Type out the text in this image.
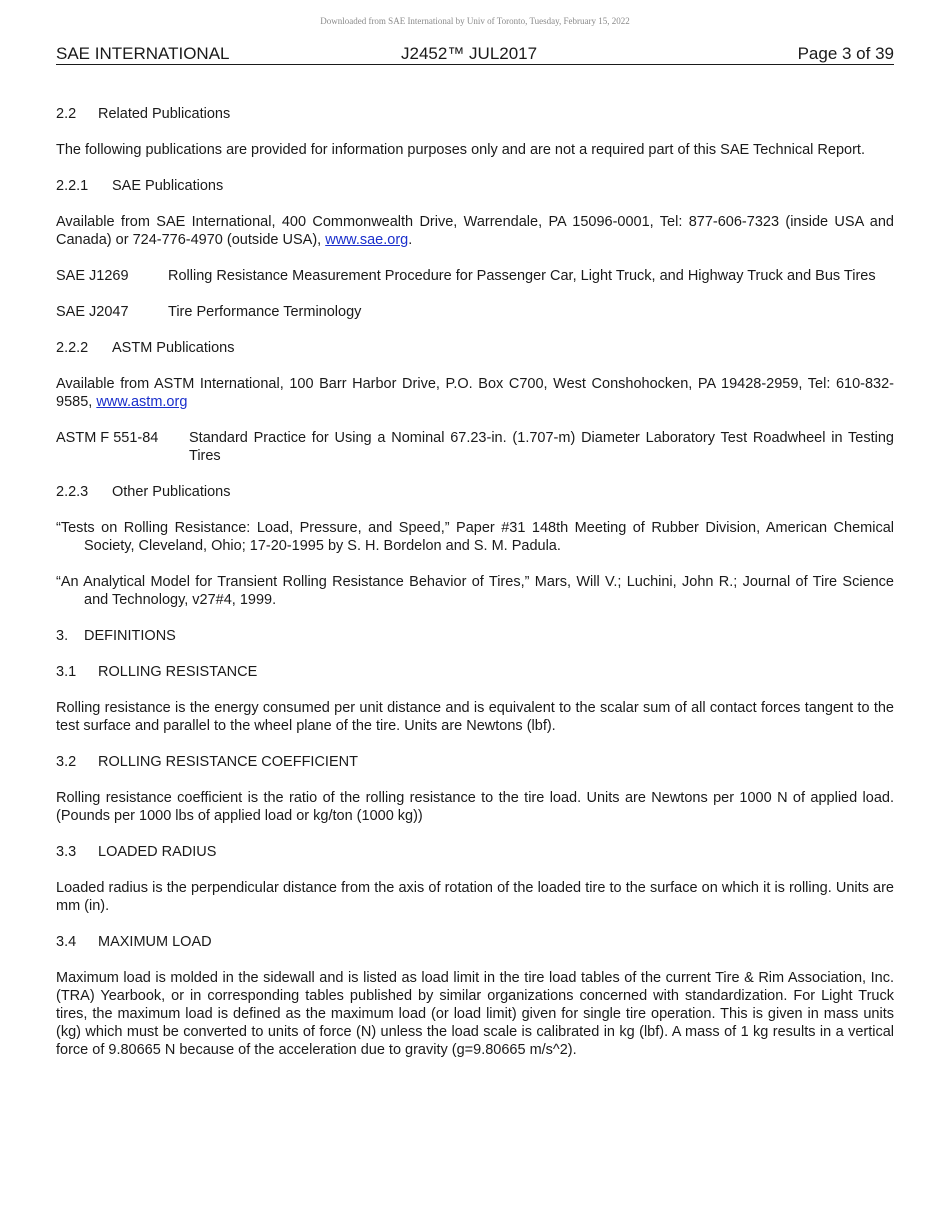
Downloaded from SAE International by Univ of Toronto, Tuesday, February 15, 2022
SAE INTERNATIONAL	J2452™ JUL2017	Page 3 of 39
2.2 Related Publications

The following publications are provided for information purposes only and are not a required part of this SAE Technical Report.

2.2.1 SAE Publications

Available from SAE International, 400 Commonwealth Drive, Warrendale, PA 15096-0001, Tel: 877-606-7323 (inside USA and Canada) or 724-776-4970 (outside USA), www.sae.org.

SAE J1269	Rolling Resistance Measurement Procedure for Passenger Car, Light Truck, and Highway Truck and Bus Tires
SAE J2047	Tire Performance Terminology
2.2.2 ASTM Publications

Available from ASTM International, 100 Barr Harbor Drive, P.O. Box C700, West Conshohocken, PA 19428-2959, Tel: 610-832-9585, www.astm.org

ASTM F 551-84	Standard Practice for Using a Nominal 67.23-in. (1.707-m) Diameter Laboratory Test Roadwheel in Testing Tires
2.2.3 Other Publications

“Tests on Rolling Resistance: Load, Pressure, and Speed,” Paper #31 148th Meeting of Rubber Division, American Chemical Society, Cleveland, Ohio; 17-20-1995 by S. H. Bordelon and S. M. Padula.

“An Analytical Model for Transient Rolling Resistance Behavior of Tires,” Mars, Will V.; Luchini, John R.; Journal of Tire Science and Technology, v27#4, 1999.

3. DEFINITIONS
3.1 ROLLING RESISTANCE

Rolling resistance is the energy consumed per unit distance and is equivalent to the scalar sum of all contact forces tangent to the test surface and parallel to the wheel plane of the tire. Units are Newtons (lbf).

3.2 ROLLING RESISTANCE COEFFICIENT

Rolling resistance coefficient is the ratio of the rolling resistance to the tire load. Units are Newtons per 1000 N of applied load. (Pounds per 1000 lbs of applied load or kg/ton (1000 kg))

3.3 LOADED RADIUS

Loaded radius is the perpendicular distance from the axis of rotation of the loaded tire to the surface on which it is rolling. Units are mm (in).

3.4 MAXIMUM LOAD

Maximum load is molded in the sidewall and is listed as load limit in the tire load tables of the current Tire & Rim Association, Inc. (TRA) Yearbook, or in corresponding tables published by similar organizations concerned with standardization. For Light Truck tires, the maximum load is defined as the maximum load (or load limit) given for single tire operation. This is given in mass units (kg) which must be converted to units of force (N) unless the load scale is calibrated in kg (lbf). A mass of 1 kg results in a vertical force of 9.80665 N because of the acceleration due to gravity (g=9.80665 m/s^2).
